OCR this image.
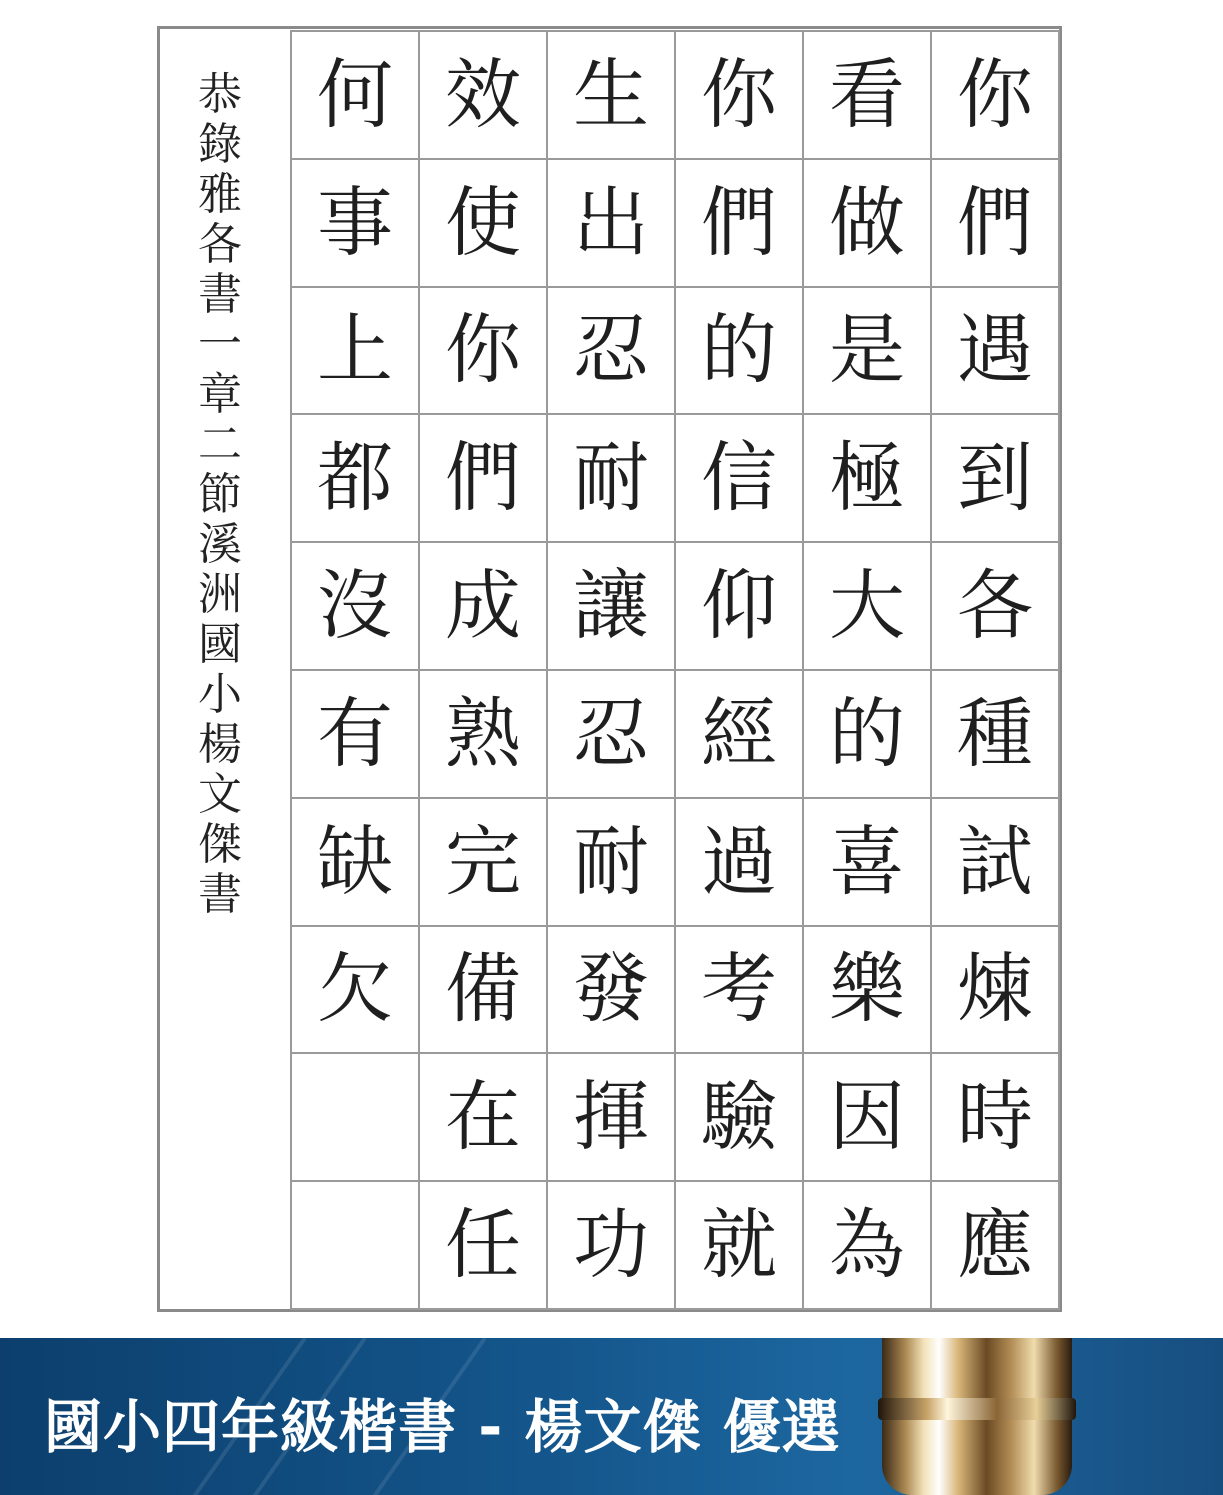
恭
錄
雅
各
書
一
章
二
節
溪
洲
國
小
楊
文
傑
書
你
們
遇
到
各
種
試
煉
時
應
看
做
是
極
大
的
喜
樂
因
為
你
們
的
信
仰
經
過
考
驗
就
生
出
忍
耐
讓
忍
耐
發
揮
功
效
使
你
們
成
熟
完
備
在
任
何
事
上
都
沒
有
缺
欠
國小四年級楷書 - 楊文傑 優選
